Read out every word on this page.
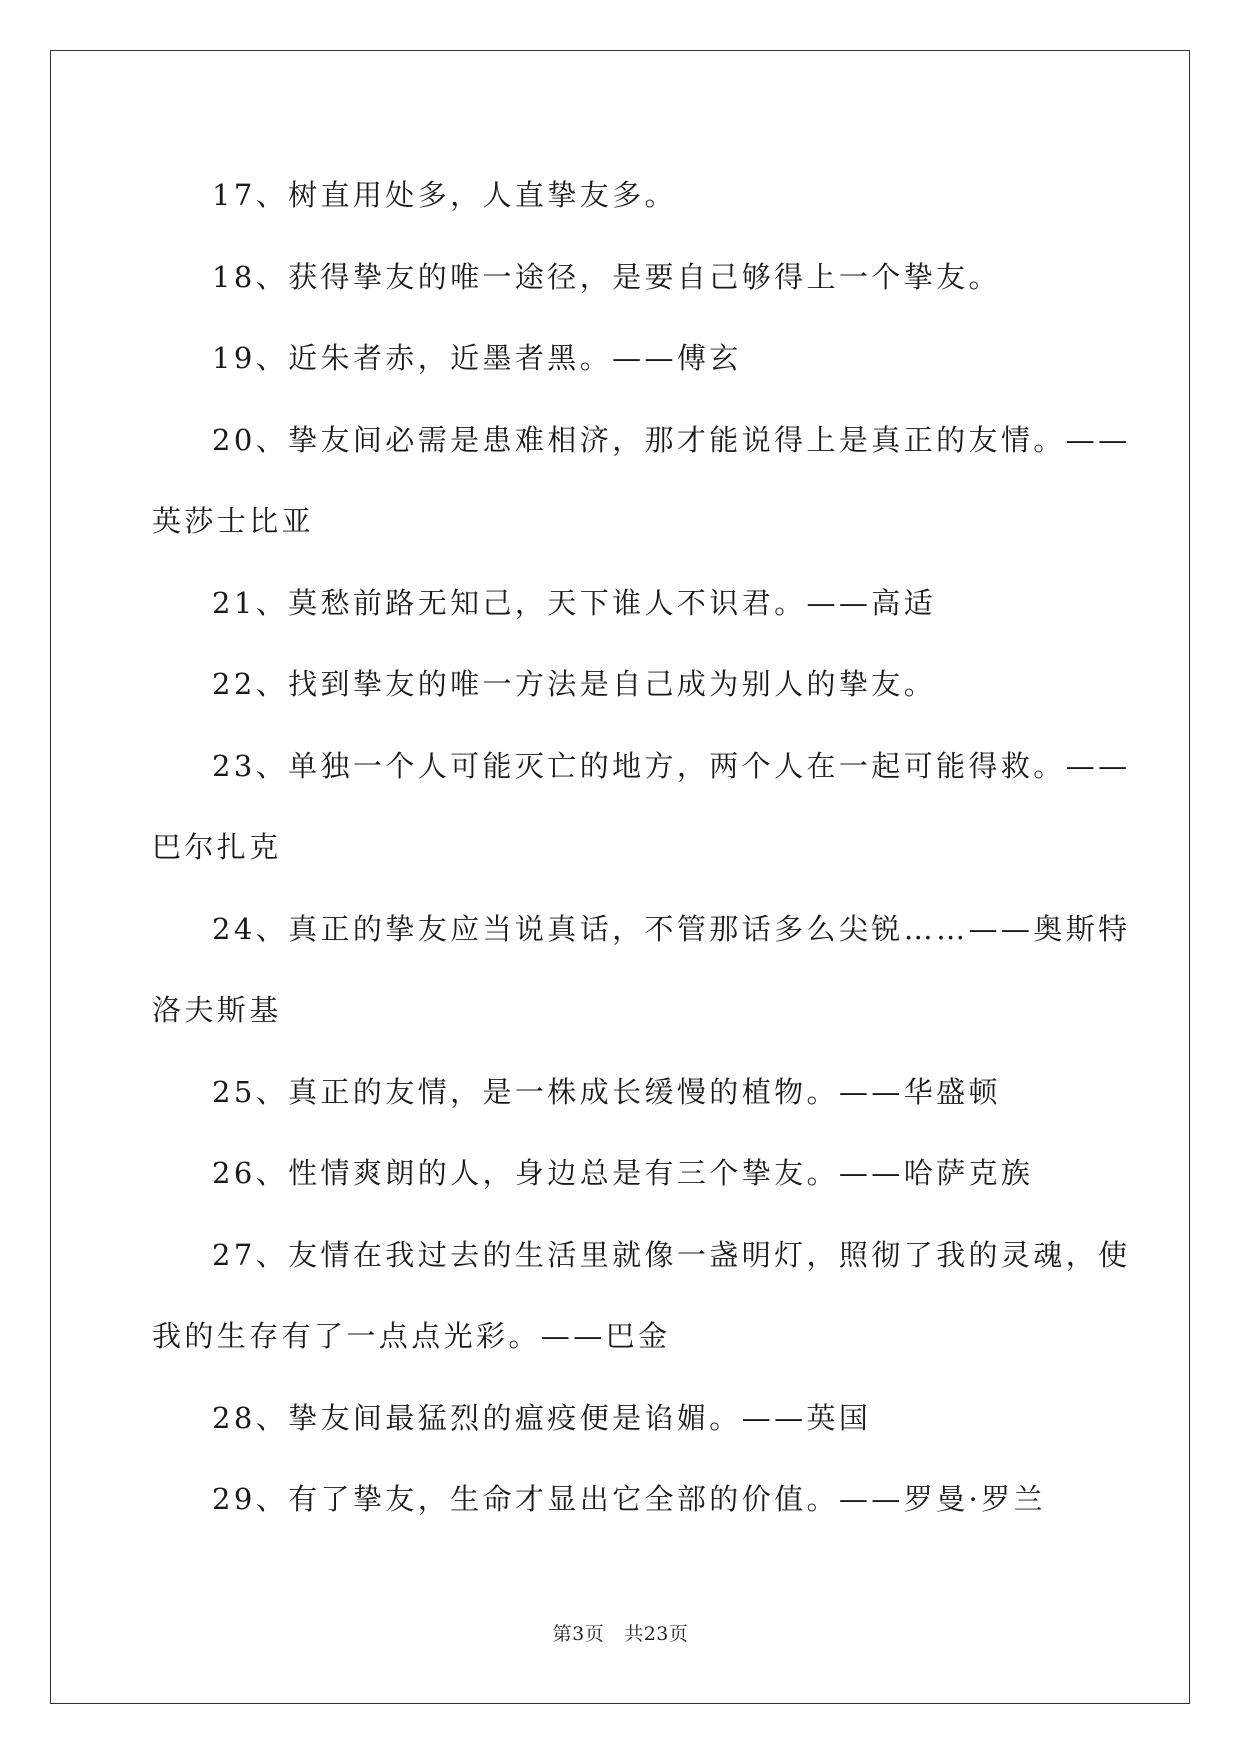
17、树直用处多，人直挚友多。
18、获得挚友的唯一途径，是要自己够得上一个挚友。
19、近朱者赤，近墨者黑。——傅玄
20、挚友间必需是患难相济，那才能说得上是真正的友情。——
英莎士比亚
21、莫愁前路无知己，天下谁人不识君。——高适
22、找到挚友的唯一方法是自己成为别人的挚友。
23、单独一个人可能灭亡的地方，两个人在一起可能得救。——
巴尔扎克
24、真正的挚友应当说真话，不管那话多么尖锐……——奥斯特
洛夫斯基
25、真正的友情，是一株成长缓慢的植物。——华盛顿
26、性情爽朗的人，身边总是有三个挚友。——哈萨克族
27、友情在我过去的生活里就像一盏明灯，照彻了我的灵魂，使
我的生存有了一点点光彩。——巴金
28、挚友间最猛烈的瘟疫便是谄媚。——英国
29、有了挚友，生命才显出它全部的价值。——罗曼·罗兰
第3页 共23页
